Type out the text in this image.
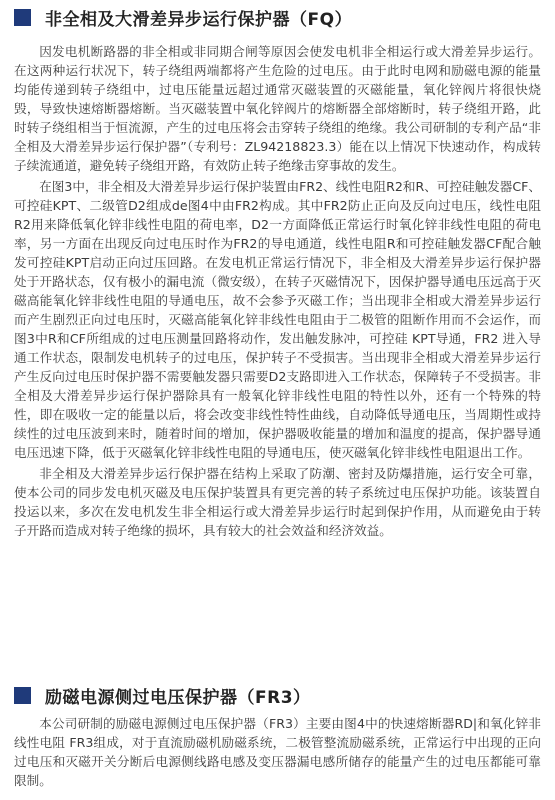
非全相及大滑差异步运行保护器（FQ）

因发电机断路器的非全相或非同期合闸等原因会使发电机非全相运行或大滑差异步运行。在这两种运行状况下，转子绕组两端都将产生危险的过电压。由于此时电网和励磁电源的能量均能传递到转子绕组中，过电压能量远超过通常灭磁装置的灭磁能量，氧化锌阀片将很快烧毁，导致快速熔断器熔断。当灭磁装置中氧化锌阀片的熔断器全部熔断时，转子绕组开路，此时转子绕组相当于恒流源，产生的过电压将会击穿转子绕组的绝缘。我公司研制的专利产品“非全相及大滑差异步运行保护器”（专利号：ZL94218823.3）能在以上情况下快速动作，构成转子续流通道，避免转子绕组开路，有效防止转子绝缘击穿事故的发生。

在图3中，非全相及大滑差异步运行保护装置由FR2、线性电阻R2和R、可控硅触发器CF、可控硅KPT、二级管D2组成de图4中由FR2构成。其中FR2防止正向及反向过电压，线性电阻R2用来降低氧化锌非线性电阻的荷电率，D2一方面降低正常运行时氧化锌非线性电阻的荷电率，另一方面在出现反向过电压时作为FR2的导电通道，线性电阻R和可控硅触发器CF配合触发可控硅KPT启动正向过压回路。在发电机正常运行情况下，非全相及大滑差异步运行保护器处于开路状态，仅有极小的漏电流（微安级），在转子灭磁情况下，因保护器导通电压远高于灭磁高能氧化锌非线性电阻的导通电压，故不会参予灭磁工作；当出现非全相或大滑差异步运行而产生剧烈正向过电压时，灭磁高能氧化锌非线性电阻由于二极管的阻断作用而不会运作，而图3中R和CF所组成的过电压测量回路将动作，发出触发脉冲，可控硅 KPT导通，FR2 进入导通工作状态，限制发电机转子的过电压，保护转子不受损害。当出现非全相或大滑差异步运行产生反向过电压时保护器不需要触发器只需要D2支路即进入工作状态，保障转子不受损害。非全相及大滑差异步运行保护器除具有一般氧化锌非线性电阻的特性以外，还有一个特殊的特性，即在吸收一定的能量以后，将会改变非线性特性曲线，自动降低导通电压，当周期性或持续性的过电压波到来时，随着时间的增加，保护器吸收能量的增加和温度的提高，保护器导通电压迅速下降，低于灭磁氧化锌非线性电阻的导通电压，使灭磁氧化锌非线性电阻退出工作。

非全相及大滑差异步运行保护器在结构上采取了防潮、密封及防爆措施，运行安全可靠，使本公司的同步发电机灭磁及电压保护装置具有更完善的转子系统过电压保护功能。该装置自投运以来，多次在发电机发生非全相运行或大滑差异步运行时起到保护作用，从而避免由于转子开路而造成对转子绝缘的损坏，具有较大的社会效益和经济效益。

励磁电源侧过电压保护器（FR3）

本公司研制的励磁电源侧过电压保护器（FR3）主要由图4中的快速熔断器RD|和氧化锌非线性电阻 FR3组成，对于直流励磁机励磁系统，二极管整流励磁系统，正常运行中出现的正向过电压和灭磁开关分断后电源侧线路电感及变压器漏电感所储存的能量产生的过电压都能可靠限制。
